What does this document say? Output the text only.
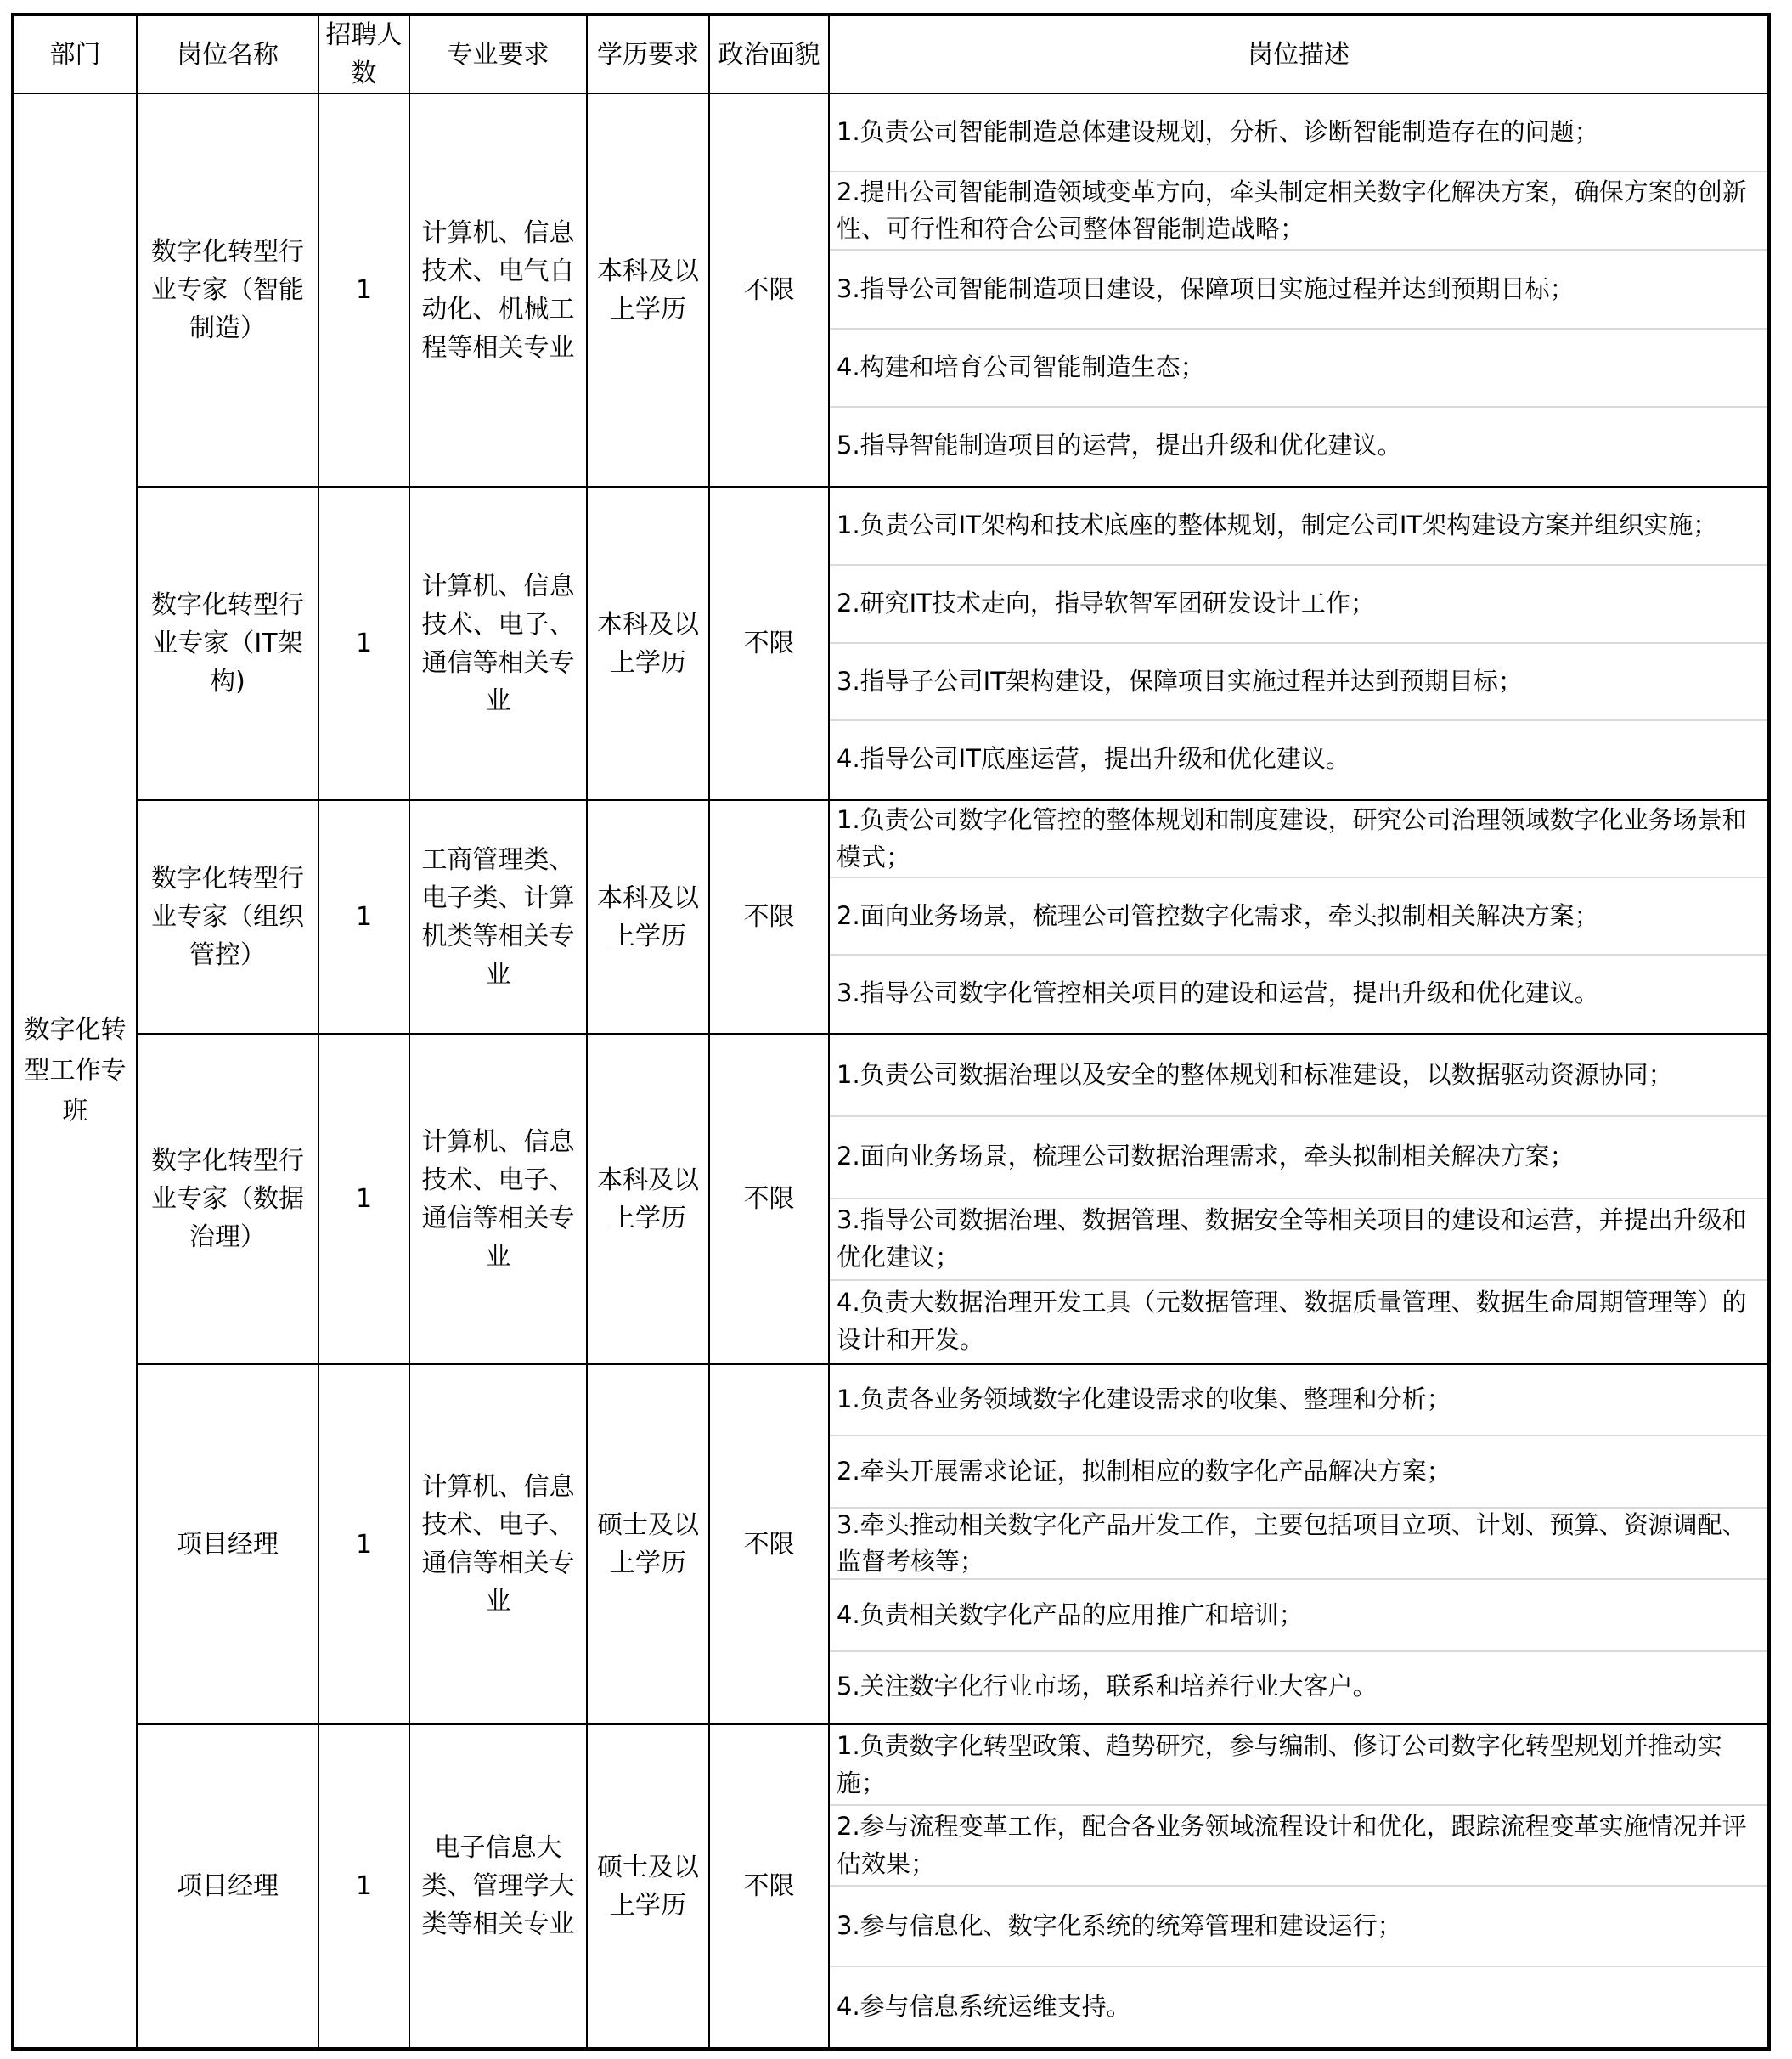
部门	岗位名称	招聘人数	专业要求	学历要求	政治面貌	岗位描述
数字化转型工作专班	数字化转型行业专家（智能制造）	1	计算机、信息技术、电气自动化、机械工程等相关专业	本科及以上学历	不限	1.负责公司智能制造总体建设规划，分析、诊断智能制造存在的问题；
2.提出公司智能制造领域变革方向，牵头制定相关数字化解决方案，确保方案的创新性、可行性和符合公司整体智能制造战略；
3.指导公司智能制造项目建设，保障项目实施过程并达到预期目标；
4.构建和培育公司智能制造生态；
5.指导智能制造项目的运营，提出升级和优化建议。

	数字化转型行业专家（IT架构)	1	计算机、信息技术、电子、通信等相关专业	本科及以上学历	不限	1.负责公司IT架构和技术底座的整体规划，制定公司IT架构建设方案并组织实施；
2.研究IT技术走向，指导软智军团研发设计工作；
3.指导子公司IT架构建设，保障项目实施过程并达到预期目标；
4.指导公司IT底座运营，提出升级和优化建议。

	数字化转型行业专家（组织管控）	1	工商管理类、电子类、计算机类等相关专业	本科及以上学历	不限	1.负责公司数字化管控的整体规划和制度建设，研究公司治理领域数字化业务场景和模式；
2.面向业务场景，梳理公司管控数字化需求，牵头拟制相关解决方案；
3.指导公司数字化管控相关项目的建设和运营，提出升级和优化建议。

	数字化转型行业专家（数据治理）	1	计算机、信息技术、电子、通信等相关专业	本科及以上学历	不限	1.负责公司数据治理以及安全的整体规划和标准建设，以数据驱动资源协同；
2.面向业务场景，梳理公司数据治理需求，牵头拟制相关解决方案；
3.指导公司数据治理、数据管理、数据安全等相关项目的建设和运营，并提出升级和优化建议；
4.负责大数据治理开发工具（元数据管理、数据质量管理、数据生命周期管理等）的设计和开发。

	项目经理	1	计算机、信息技术、电子、通信等相关专业	硕士及以上学历	不限	1.负责各业务领域数字化建设需求的收集、整理和分析；
2.牵头开展需求论证，拟制相应的数字化产品解决方案；
3.牵头推动相关数字化产品开发工作，主要包括项目立项、计划、预算、资源调配、监督考核等；
4.负责相关数字化产品的应用推广和培训；
5.关注数字化行业市场，联系和培养行业大客户。

	项目经理	1	电子信息大类、管理学大类等相关专业	硕士及以上学历	不限	1.负责数字化转型政策、趋势研究，参与编制、修订公司数字化转型规划并推动实施；
2.参与流程变革工作，配合各业务领域流程设计和优化，跟踪流程变革实施情况并评估效果；
3.参与信息化、数字化系统的统筹管理和建设运行；
4.参与信息系统运维支持。
